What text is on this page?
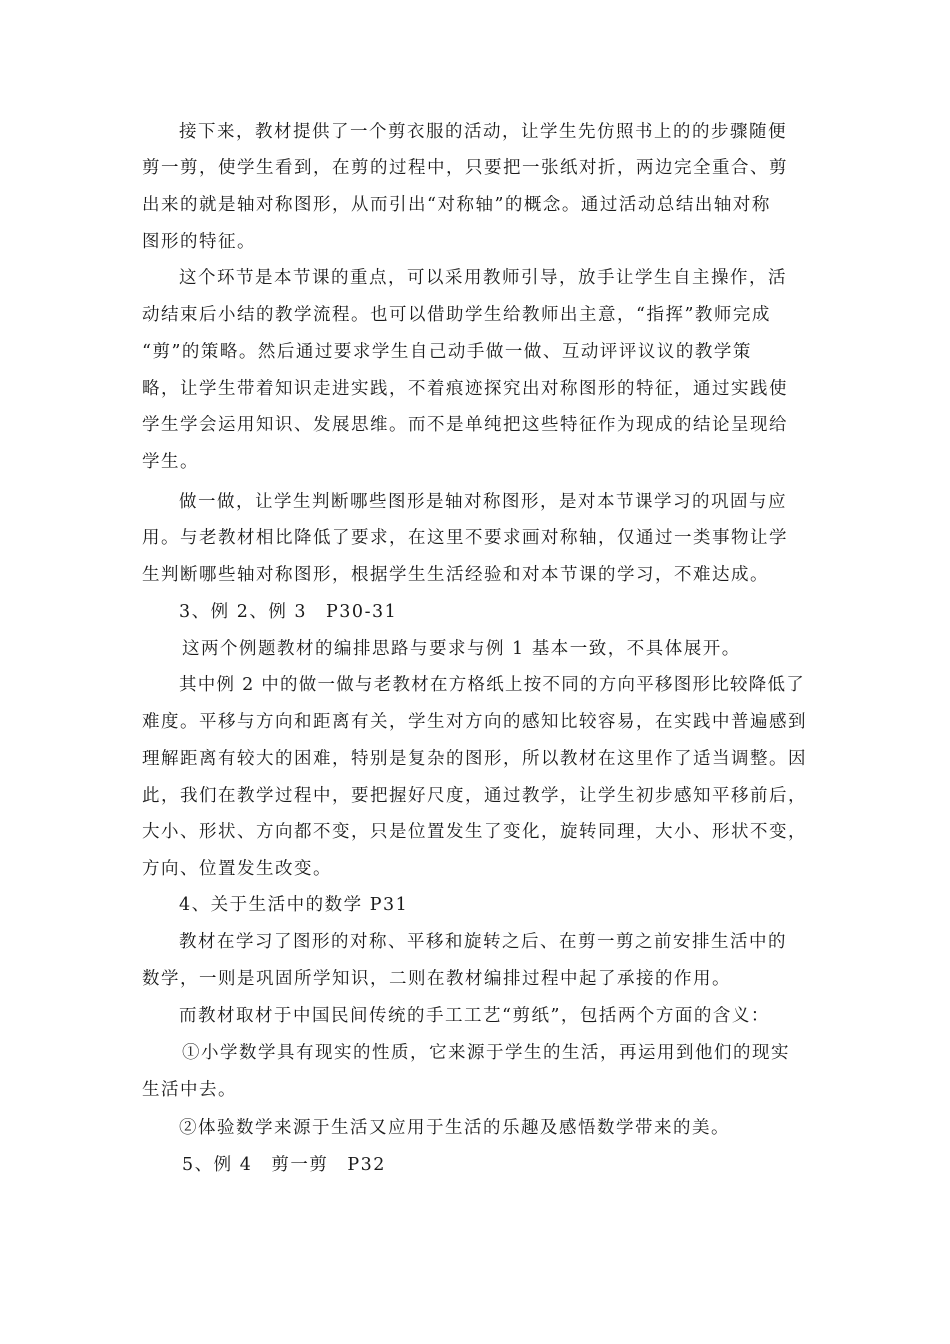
接下来，教材提供了一个剪衣服的活动，让学生先仿照书上的的步骤随便
剪一剪，使学生看到，在剪的过程中，只要把一张纸对折，两边完全重合、剪
出来的就是轴对称图形，从而引出“对称轴”的概念。通过活动总结出轴对称
图形的特征。
这个环节是本节课的重点，可以采用教师引导，放手让学生自主操作，活
动结束后小结的教学流程。也可以借助学生给教师出主意，“指挥”教师完成
“剪”的策略。然后通过要求学生自己动手做一做、互动评评议议的教学策
略，让学生带着知识走进实践，不着痕迹探究出对称图形的特征，通过实践使
学生学会运用知识、发展思维。而不是单纯把这些特征作为现成的结论呈现给
学生。
做一做，让学生判断哪些图形是轴对称图形，是对本节课学习的巩固与应
用。与老教材相比降低了要求，在这里不要求画对称轴，仅通过一类事物让学
生判断哪些轴对称图形，根据学生生活经验和对本节课的学习，不难达成。
3、例 2、例 3　P30-31
这两个例题教材的编排思路与要求与例 1 基本一致，不具体展开。
其中例 2 中的做一做与老教材在方格纸上按不同的方向平移图形比较降低了
难度。平移与方向和距离有关，学生对方向的感知比较容易，在实践中普遍感到
理解距离有较大的困难，特别是复杂的图形，所以教材在这里作了适当调整。因
此，我们在教学过程中，要把握好尺度，通过教学，让学生初步感知平移前后，
大小、形状、方向都不变，只是位置发生了变化，旋转同理，大小、形状不变，
方向、位置发生改变。
4、关于生活中的数学 P31
教材在学习了图形的对称、平移和旋转之后、在剪一剪之前安排生活中的
数学，一则是巩固所学知识，二则在教材编排过程中起了承接的作用。
而教材取材于中国民间传统的手工工艺“剪纸”，包括两个方面的含义：
①小学数学具有现实的性质，它来源于学生的生活，再运用到他们的现实
生活中去。
②体验数学来源于生活又应用于生活的乐趣及感悟数学带来的美。
5、例 4　剪一剪　P32
